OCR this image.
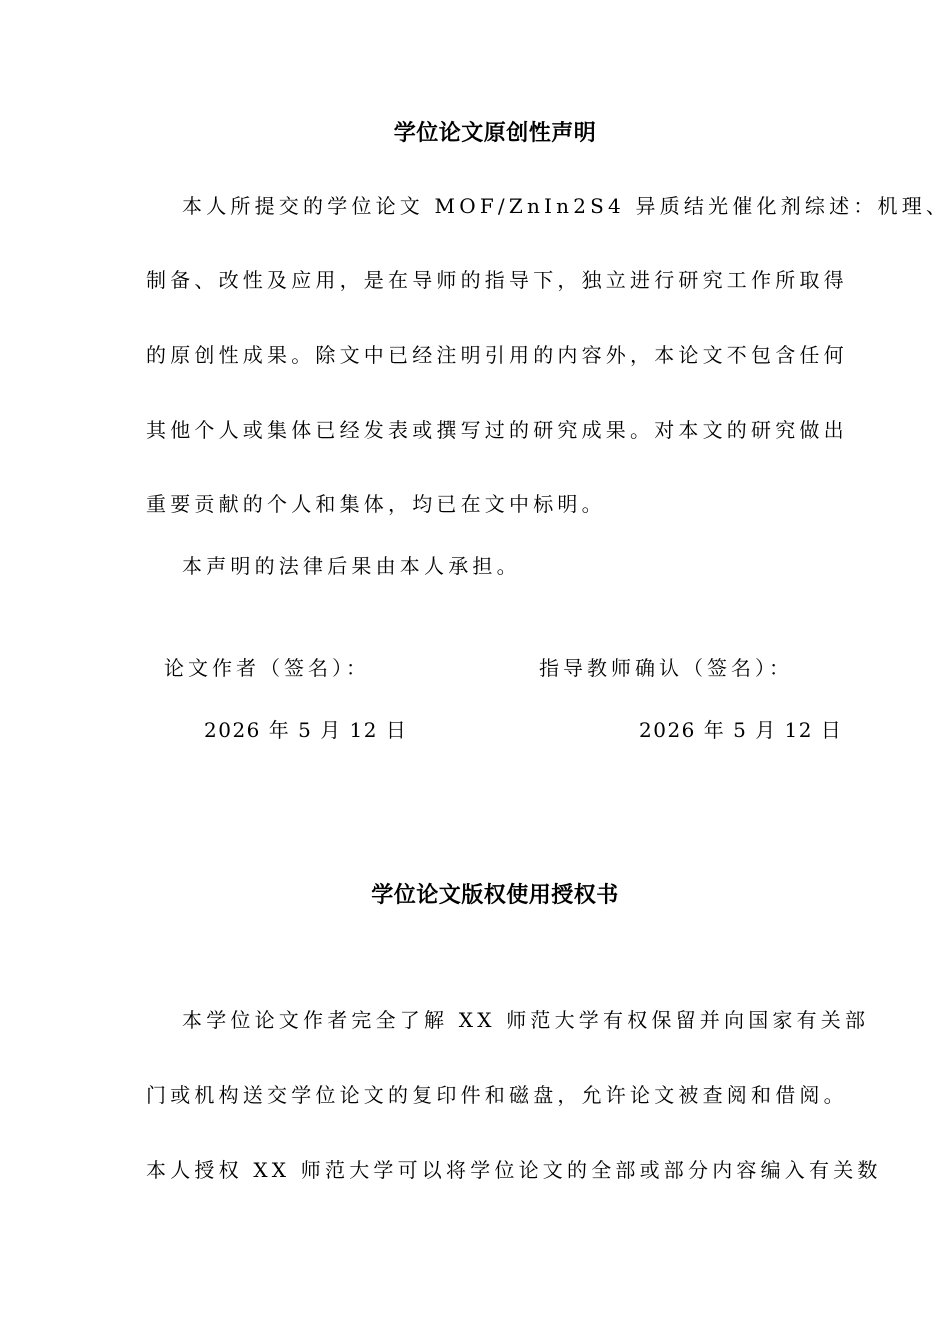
学位论文原创性声明
本人所提交的学位论文 MOF/ZnIn2S4 异质结光催化剂综述：机理、
制备、改性及应用，是在导师的指导下，独立进行研究工作所取得
的原创性成果。除文中已经注明引用的内容外，本论文不包含任何
其他个人或集体已经发表或撰写过的研究成果。对本文的研究做出
重要贡献的个人和集体，均已在文中标明。
本声明的法律后果由本人承担。
论文作者（签名）：	指导教师确认（签名）：
2026 年 5 月 12 日	2026 年 5 月 12 日
学位论文版权使用授权书
本学位论文作者完全了解 XX 师范大学有权保留并向国家有关部
门或机构送交学位论文的复印件和磁盘，允许论文被查阅和借阅。
本人授权 XX 师范大学可以将学位论文的全部或部分内容编入有关数
